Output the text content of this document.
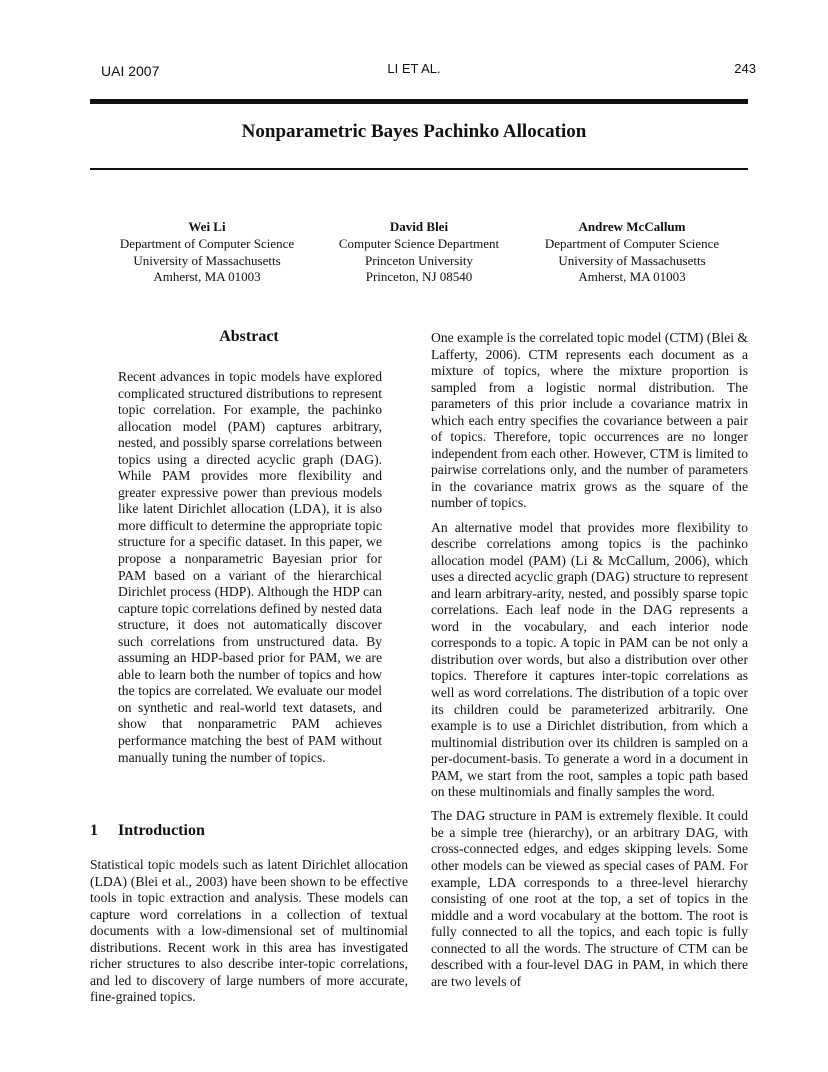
UAI 2007	LI ET AL.	243
Nonparametric Bayes Pachinko Allocation
Wei Li
Department of Computer Science
University of Massachusetts
Amherst, MA 01003
David Blei
Computer Science Department
Princeton University
Princeton, NJ 08540
Andrew McCallum
Department of Computer Science
University of Massachusetts
Amherst, MA 01003
Abstract
Recent advances in topic models have explored complicated structured distributions to represent topic correlation. For example, the pachinko allocation model (PAM) captures arbitrary, nested, and possibly sparse correlations between topics using a directed acyclic graph (DAG). While PAM provides more flexibility and greater expressive power than previous models like latent Dirichlet allocation (LDA), it is also more difficult to determine the appropriate topic structure for a specific dataset. In this paper, we propose a nonparametric Bayesian prior for PAM based on a variant of the hierarchical Dirichlet process (HDP). Although the HDP can capture topic correlations defined by nested data structure, it does not automatically discover such correlations from unstructured data. By assuming an HDP-based prior for PAM, we are able to learn both the number of topics and how the topics are correlated. We evaluate our model on synthetic and real-world text datasets, and show that nonparametric PAM achieves performance matching the best of PAM without manually tuning the number of topics.
1 Introduction
Statistical topic models such as latent Dirichlet allocation (LDA) (Blei et al., 2003) have been shown to be effective tools in topic extraction and analysis. These models can capture word correlations in a collection of textual documents with a low-dimensional set of multinomial distributions. Recent work in this area has investigated richer structures to also describe inter-topic correlations, and led to discovery of large numbers of more accurate, fine-grained topics.

One example is the correlated topic model (CTM) (Blei & Lafferty, 2006). CTM represents each document as a mixture of topics, where the mixture proportion is sampled from a logistic normal distribution. The parameters of this prior include a covariance matrix in which each entry specifies the covariance between a pair of topics. Therefore, topic occurrences are no longer independent from each other. However, CTM is limited to pairwise correlations only, and the number of parameters in the covariance matrix grows as the square of the number of topics.

An alternative model that provides more flexibility to describe correlations among topics is the pachinko allocation model (PAM) (Li & McCallum, 2006), which uses a directed acyclic graph (DAG) structure to represent and learn arbitrary-arity, nested, and possibly sparse topic correlations. Each leaf node in the DAG represents a word in the vocabulary, and each interior node corresponds to a topic. A topic in PAM can be not only a distribution over words, but also a distribution over other topics. Therefore it captures inter-topic correlations as well as word correlations. The distribution of a topic over its children could be parameterized arbitrarily. One example is to use a Dirichlet distribution, from which a multinomial distribution over its children is sampled on a per-document-basis. To generate a word in a document in PAM, we start from the root, samples a topic path based on these multinomials and finally samples the word.

The DAG structure in PAM is extremely flexible. It could be a simple tree (hierarchy), or an arbitrary DAG, with cross-connected edges, and edges skipping levels. Some other models can be viewed as special cases of PAM. For example, LDA corresponds to a three-level hierarchy consisting of one root at the top, a set of topics in the middle and a word vocabulary at the bottom. The root is fully connected to all the topics, and each topic is fully connected to all the words. The structure of CTM can be described with a four-level DAG in PAM, in which there are two levels of
